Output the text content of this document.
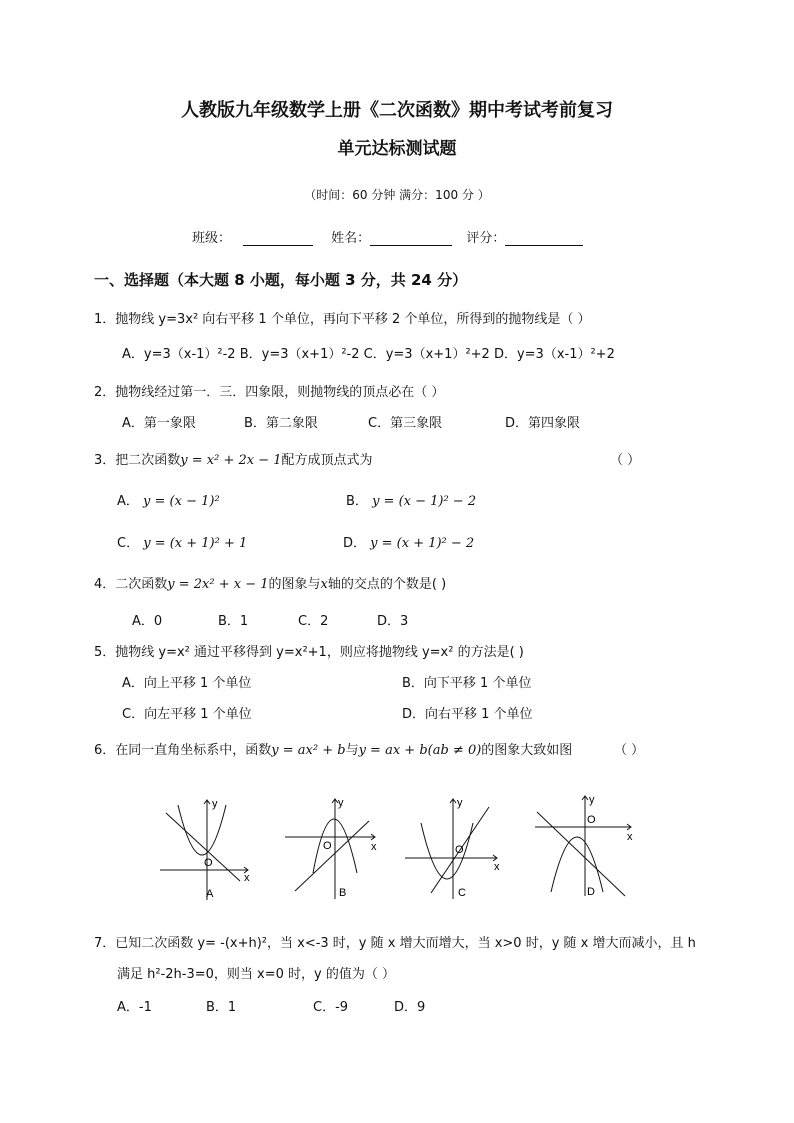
人教版九年级数学上册《二次函数》期中考试考前复习
单元达标测试题
（时间：60 分钟 满分：100 分 ）
班级：	姓名：	评分：
一、选择题（本大题 8 小题，每小题 3 分，共 24 分）
1．抛物线 y=3x² 向右平移 1 个单位，再向下平移 2 个单位，所得到的抛物线是（ ）
A．y=3（x-1）²-2 B．y=3（x+1）²-2 C．y=3（x+1）²+2 D．y=3（x-1）²+2
2．抛物线经过第一．三．四象限，则抛物线的顶点必在（ ）
A．第一象限	B．第二象限	C．第三象限	D．第四象限
3．把二次函数y = x² + 2x − 1配方成顶点式为	（ ）
A． y = (x − 1)²	B． y = (x − 1)² − 2
C． y = (x + 1)² + 1	D． y = (x + 1)² − 2
4．二次函数y = 2x² + x − 1的图象与x轴的交点的个数是( )
A．0	B．1	C．2	D．3
5．抛物线 y=x² 通过平移得到 y=x²+1，则应将抛物线 y=x² 的方法是( )
A．向上平移 1 个单位	B．向下平移 1 个单位
C．向左平移 1 个单位	D．向右平移 1 个单位
6．在同一直角坐标系中，函数y = ax² + b与y = ax + b(ab ≠ 0)的图象大致如图	（ ）
y
x
O
A
y
x
O
B
y
x
O
C
y
x
O
D
7．已知二次函数 y= -(x+h)²，当 x<-3 时，y 随 x 增大而增大，当 x>0 时，y 随 x 增大而减小，且 h
满足 h²-2h-3=0，则当 x=0 时，y 的值为（ ）
A．-1	B．1	C．-9	D．9
